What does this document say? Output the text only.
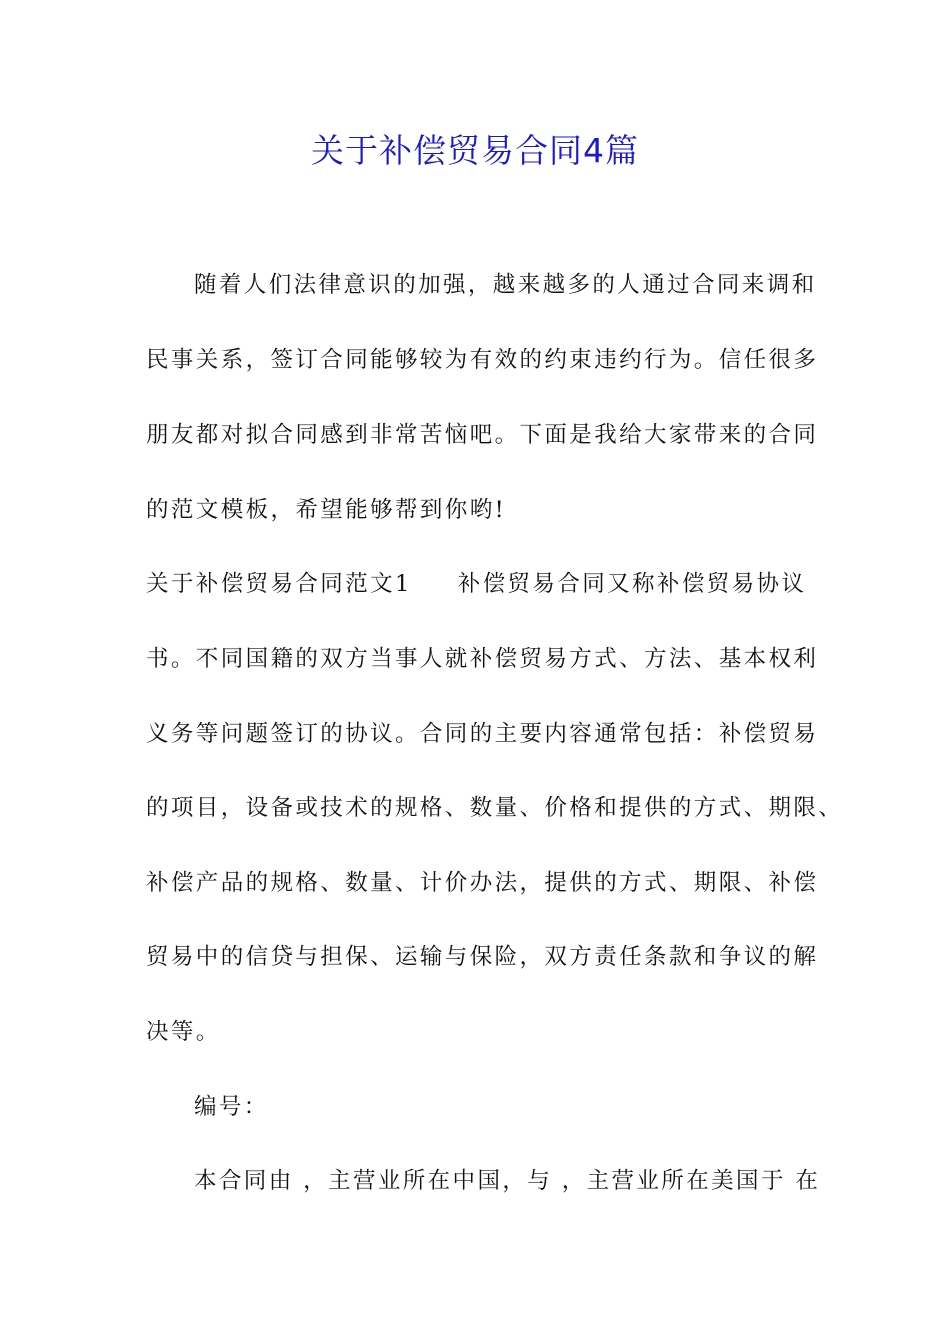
关于补偿贸易合同4篇
随着人们法律意识的加强，越来越多的人通过合同来调和
民事关系，签订合同能够较为有效的约束违约行为。信任很多
朋友都对拟合同感到非常苦恼吧。下面是我给大家带来的合同
的范文模板，希望能够帮到你哟!
关于补偿贸易合同范文1 补偿贸易合同又称补偿贸易协议
书。不同国籍的双方当事人就补偿贸易方式、方法、基本权利
义务等问题签订的协议。合同的主要内容通常包括：补偿贸易
的项目，设备或技术的规格、数量、价格和提供的方式、期限、
补偿产品的规格、数量、计价办法，提供的方式、期限、补偿
贸易中的信贷与担保、运输与保险，双方责任条款和争议的解
决等。
编号：
本合同由 ，主营业所在中国，与 ，主营业所在美国于 在
